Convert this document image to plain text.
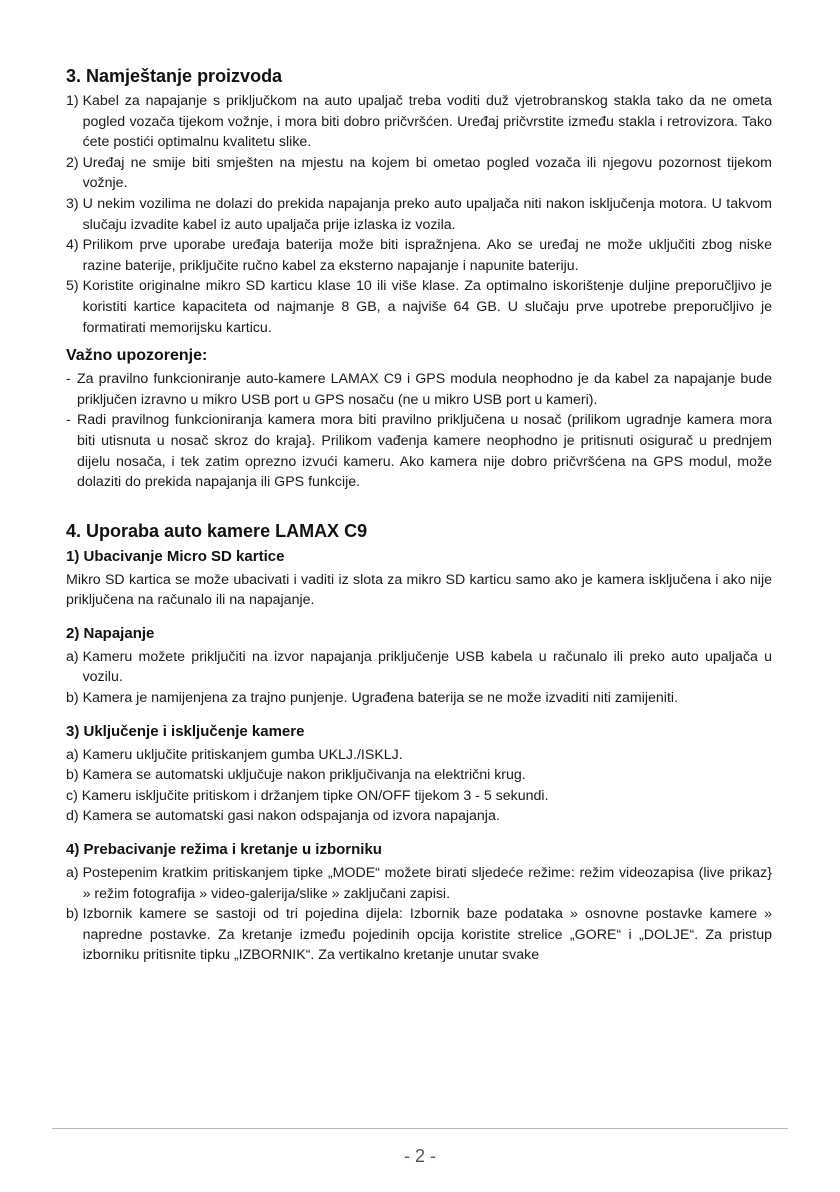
3. Namještanje proizvoda
1) Kabel za napajanje s priključkom na auto upaljač treba voditi duž vjetrobranskog stakla tako da ne ometa pogled vozača tijekom vožnje, i mora biti dobro pričvršćen. Uređaj pričvrstite između stakla i retrovizora. Tako ćete postići optimalnu kvalitetu slike.
2) Uređaj ne smije biti smješten na mjestu na kojem bi ometao pogled vozača ili njegovu pozornost tijekom vožnje.
3) U nekim vozilima ne dolazi do prekida napajanja preko auto upaljača niti nakon isključenja motora. U takvom slučaju izvadite kabel iz auto upaljača prije izlaska iz vozila.
4) Prilikom prve uporabe uređaja baterija može biti ispražnjena. Ako se uređaj ne može uključiti zbog niske razine baterije, priključite ručno kabel za eksterno napajanje i napunite bateriju.
5) Koristite originalne mikro SD karticu klase 10 ili više klase. Za optimalno iskorištenje duljine preporučljivo je koristiti kartice kapaciteta od najmanje 8 GB, a najviše 64 GB. U slučaju prve upotrebe preporučljivo je formatirati memorijsku karticu.
Važno upozorenje:
- Za pravilno funkcioniranje auto-kamere LAMAX C9 i GPS modula neophodno je da kabel za napajanje bude priključen izravno u mikro USB port u GPS nosaču (ne u mikro USB port u kameri).
- Radi pravilnog funkcioniranja kamera mora biti pravilno priključena u nosač (prilikom ugradnje kamera mora biti utisnuta u nosač skroz do kraja}. Prilikom vađenja kamere neophodno je pritisnuti osigurač u prednjem dijelu nosača, i tek zatim oprezno izvući kameru. Ako kamera nije dobro pričvršćena na GPS modul, može dolaziti do prekida napajanja ili GPS funkcije.
4. Uporaba auto kamere LAMAX C9
1) Ubacivanje Micro SD kartice

Mikro SD kartica se može ubacivati i vaditi iz slota za mikro SD karticu samo ako je kamera isključena i ako nije priključena na računalo ili na napajanje.

2) Napajanje
a) Kameru možete priključiti na izvor napajanja priključenje USB kabela u računalo ili preko auto upaljača u vozilu.
b) Kamera je namijenjena za trajno punjenje. Ugrađena baterija se ne može izvaditi niti zamijeniti.
3) Uključenje i isključenje kamere
a) Kameru uključite pritiskanjem gumba UKLJ./ISKLJ.
b) Kamera se automatski uključuje nakon priključivanja na električni krug.
c) Kameru isključite pritiskom i držanjem tipke ON/OFF tijekom 3 - 5 sekundi.
d) Kamera se automatski gasi nakon odspajanja od izvora napajanja.
4) Prebacivanje režima i kretanje u izborniku
a) Postepenim kratkim pritiskanjem tipke „MODE“ možete birati sljedeće režime: režim videozapisa (live prikaz} » režim fotografija » video-galerija/slike » zaključani zapisi.
b) Izbornik kamere se sastoji od tri pojedina dijela: Izbornik baze podataka » osnovne postavke kamere » napredne postavke. Za kretanje između pojedinih opcija koristite strelice „GORE“ i „DOLJE“. Za pristup izborniku pritisnite tipku „IZBORNIK“. Za vertikalno kretanje unutar svake
- 2 -
